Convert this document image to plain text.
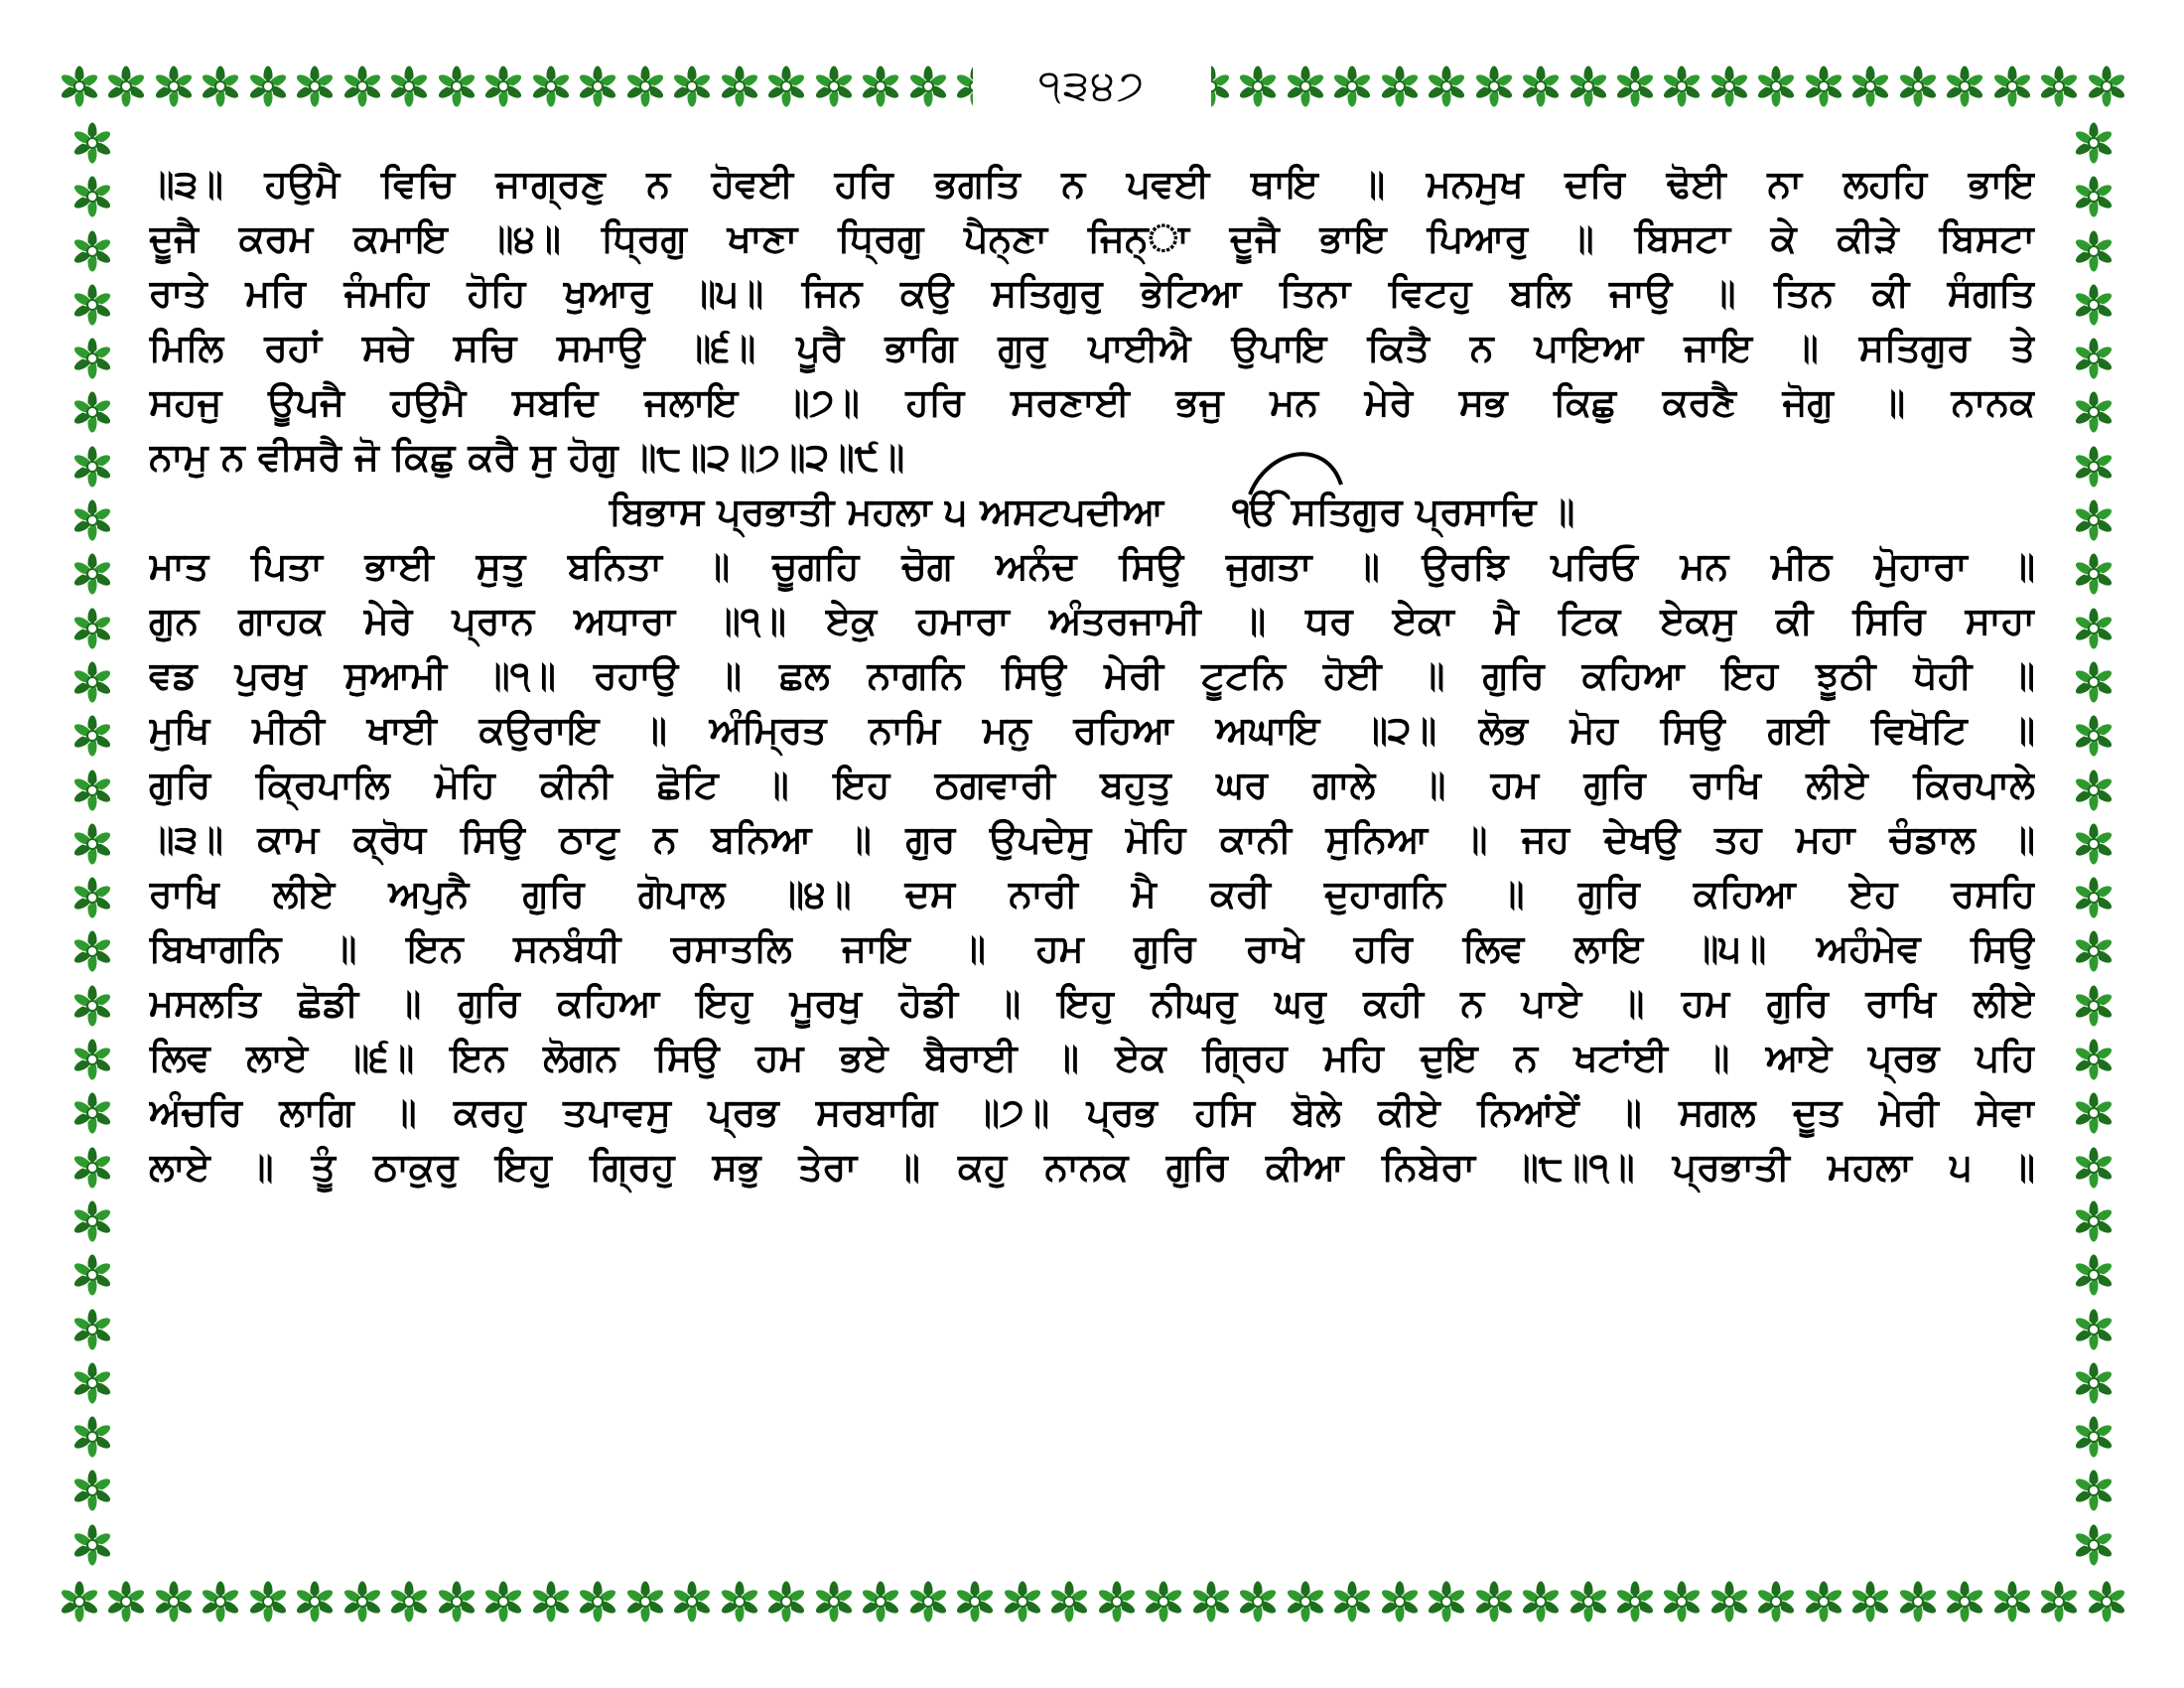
੧੩੪੭
॥੩॥ ਹਉਮੈ ਵਿਚਿ ਜਾਗ੍ਰਣੁ ਨ ਹੋਵਈ ਹਰਿ ਭਗਤਿ ਨ ਪਵਈ ਥਾਇ ॥ ਮਨਮੁਖ ਦਰਿ ਢੋਈ ਨਾ ਲਹਹਿ ਭਾਇ
ਦੂਜੈ ਕਰਮ ਕਮਾਇ ॥੪॥ ਧ੍ਰਿਗੁ ਖਾਣਾ ਧ੍ਰਿਗੁ ਪੈਨ੍ਣਾ ਜਿਨ੍ਾ ਦੂਜੈ ਭਾਇ ਪਿਆਰੁ ॥ ਬਿਸਟਾ ਕੇ ਕੀੜੇ ਬਿਸਟਾ
ਰਾਤੇ ਮਰਿ ਜੰਮਹਿ ਹੋਹਿ ਖੁਆਰੁ ॥੫॥ ਜਿਨ ਕਉ ਸਤਿਗੁਰੁ ਭੇਟਿਆ ਤਿਨਾ ਵਿਟਹੁ ਬਲਿ ਜਾਉ ॥ ਤਿਨ ਕੀ ਸੰਗਤਿ
ਮਿਲਿ ਰਹਾਂ ਸਚੇ ਸਚਿ ਸਮਾਉ ॥੬॥ ਪੂਰੈ ਭਾਗਿ ਗੁਰੁ ਪਾਈਐ ਉਪਾਇ ਕਿਤੈ ਨ ਪਾਇਆ ਜਾਇ ॥ ਸਤਿਗੁਰ ਤੇ
ਸਹਜੁ ਊਪਜੈ ਹਉਮੈ ਸਬਦਿ ਜਲਾਇ ॥੭॥ ਹਰਿ ਸਰਣਾਈ ਭਜੁ ਮਨ ਮੇਰੇ ਸਭ ਕਿਛੁ ਕਰਣੈ ਜੋਗੁ ॥ ਨਾਨਕ
ਨਾਮੁ ਨ ਵੀਸਰੈ ਜੋ ਕਿਛੁ ਕਰੈ ਸੁ ਹੋਗੁ ॥੮॥੨॥੭॥੨॥੯॥
ਬਿਭਾਸ ਪ੍ਰਭਾਤੀ ਮਹਲਾ ੫ ਅਸਟਪਦੀਆ ੴ ਸਤਿਗੁਰ ਪ੍ਰਸਾਦਿ ॥
ਮਾਤ ਪਿਤਾ ਭਾਈ ਸੁਤੁ ਬਨਿਤਾ ॥ ਚੂਗਹਿ ਚੋਗ ਅਨੰਦ ਸਿਉ ਜੁਗਤਾ ॥ ਉਰਝਿ ਪਰਿਓ ਮਨ ਮੀਠ ਮੋੁਹਾਰਾ ॥
ਗੁਨ ਗਾਹਕ ਮੇਰੇ ਪ੍ਰਾਨ ਅਧਾਰਾ ॥੧॥ ਏਕੁ ਹਮਾਰਾ ਅੰਤਰਜਾਮੀ ॥ ਧਰ ਏਕਾ ਮੈ ਟਿਕ ਏਕਸੁ ਕੀ ਸਿਰਿ ਸਾਹਾ
ਵਡ ਪੁਰਖੁ ਸੁਆਮੀ ॥੧॥ ਰਹਾਉ ॥ ਛਲ ਨਾਗਨਿ ਸਿਉ ਮੇਰੀ ਟੂਟਨਿ ਹੋਈ ॥ ਗੁਰਿ ਕਹਿਆ ਇਹ ਝੂਠੀ ਧੋਹੀ ॥
ਮੁਖਿ ਮੀਠੀ ਖਾਈ ਕਉਰਾਇ ॥ ਅੰਮ੍ਰਿਤ ਨਾਮਿ ਮਨੁ ਰਹਿਆ ਅਘਾਇ ॥੨॥ ਲੋਭ ਮੋਹ ਸਿਉ ਗਈ ਵਿਖੋਟਿ ॥
ਗੁਰਿ ਕ੍ਰਿਪਾਲਿ ਮੋਹਿ ਕੀਨੀ ਛੋਟਿ ॥ ਇਹ ਠਗਵਾਰੀ ਬਹੁਤੁ ਘਰ ਗਾਲੇ ॥ ਹਮ ਗੁਰਿ ਰਾਖਿ ਲੀਏ ਕਿਰਪਾਲੇ
॥੩॥ ਕਾਮ ਕ੍ਰੋਧ ਸਿਉ ਠਾਟੁ ਨ ਬਨਿਆ ॥ ਗੁਰ ਉਪਦੇਸੁ ਮੋਹਿ ਕਾਨੀ ਸੁਨਿਆ ॥ ਜਹ ਦੇਖਉ ਤਹ ਮਹਾ ਚੰਡਾਲ ॥
ਰਾਖਿ ਲੀਏ ਅਪੁਨੈ ਗੁਰਿ ਗੋਪਾਲ ॥੪॥ ਦਸ ਨਾਰੀ ਮੈ ਕਰੀ ਦੁਹਾਗਨਿ ॥ ਗੁਰਿ ਕਹਿਆ ਏਹ ਰਸਹਿ
ਬਿਖਾਗਨਿ ॥ ਇਨ ਸਨਬੰਧੀ ਰਸਾਤਲਿ ਜਾਇ ॥ ਹਮ ਗੁਰਿ ਰਾਖੇ ਹਰਿ ਲਿਵ ਲਾਇ ॥੫॥ ਅਹੰਮੇਵ ਸਿਉ
ਮਸਲਤਿ ਛੋਡੀ ॥ ਗੁਰਿ ਕਹਿਆ ਇਹੁ ਮੂਰਖੁ ਹੋਡੀ ॥ ਇਹੁ ਨੀਘਰੁ ਘਰੁ ਕਹੀ ਨ ਪਾਏ ॥ ਹਮ ਗੁਰਿ ਰਾਖਿ ਲੀਏ
ਲਿਵ ਲਾਏ ॥੬॥ ਇਨ ਲੋਗਨ ਸਿਉ ਹਮ ਭਏ ਬੈਰਾਈ ॥ ਏਕ ਗ੍ਰਿਹ ਮਹਿ ਦੁਇ ਨ ਖਟਾਂਈ ॥ ਆਏ ਪ੍ਰਭ ਪਹਿ
ਅੰਚਰਿ ਲਾਗਿ ॥ ਕਰਹੁ ਤਪਾਵਸੁ ਪ੍ਰਭ ਸਰਬਾਗਿ ॥੭॥ ਪ੍ਰਭ ਹਸਿ ਬੋਲੇ ਕੀਏ ਨਿਆਂਏਂ ॥ ਸਗਲ ਦੂਤ ਮੇਰੀ ਸੇਵਾ
ਲਾਏ ॥ ਤੂੰ ਠਾਕੁਰੁ ਇਹੁ ਗ੍ਰਿਹੁ ਸਭੁ ਤੇਰਾ ॥ ਕਹੁ ਨਾਨਕ ਗੁਰਿ ਕੀਆ ਨਿਬੇਰਾ ॥੮॥੧॥ ਪ੍ਰਭਾਤੀ ਮਹਲਾ ੫ ॥
